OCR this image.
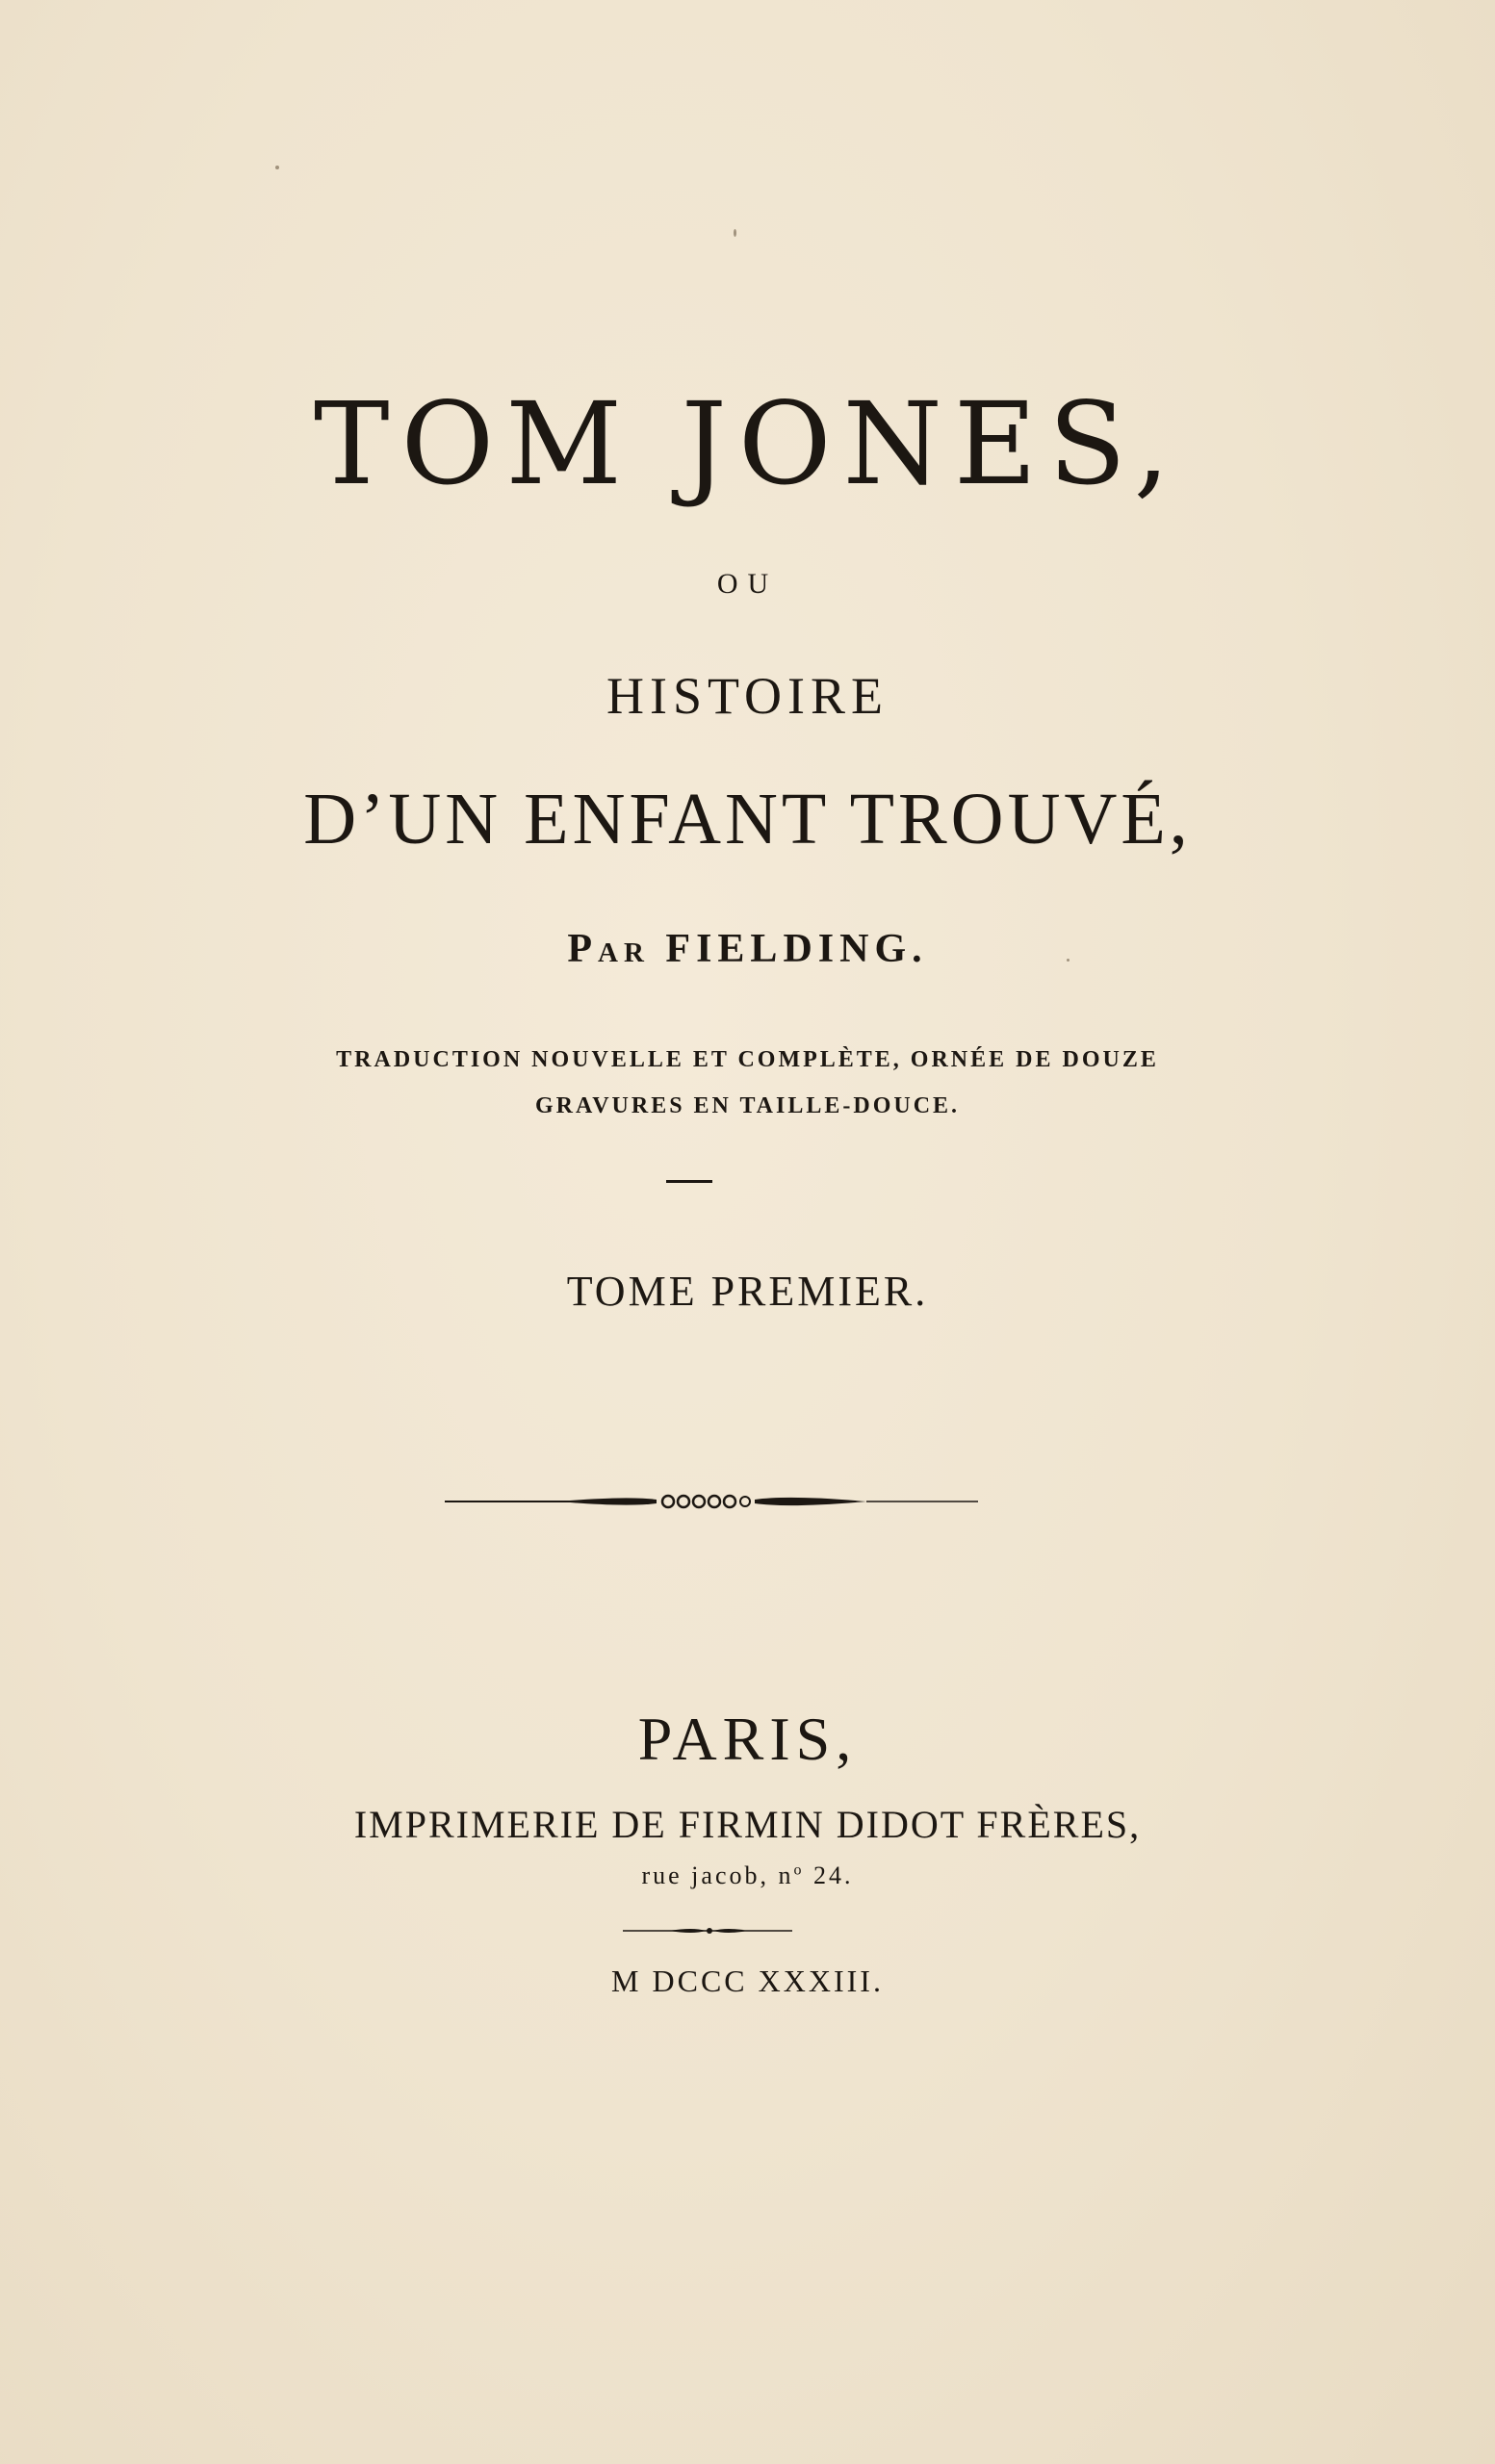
TOM JONES,
OU
HISTOIRE
D’UN ENFANT TROUVÉ,
Par FIELDING.
TRADUCTION NOUVELLE ET COMPLÈTE, ORNÉE DE DOUZE
GRAVURES EN TAILLE-DOUCE.
TOME PREMIER.
PARIS,
IMPRIMERIE DE FIRMIN DIDOT FRÈRES,
rue jacob, $n^o$ 24.
M DCCC XXXIII.
